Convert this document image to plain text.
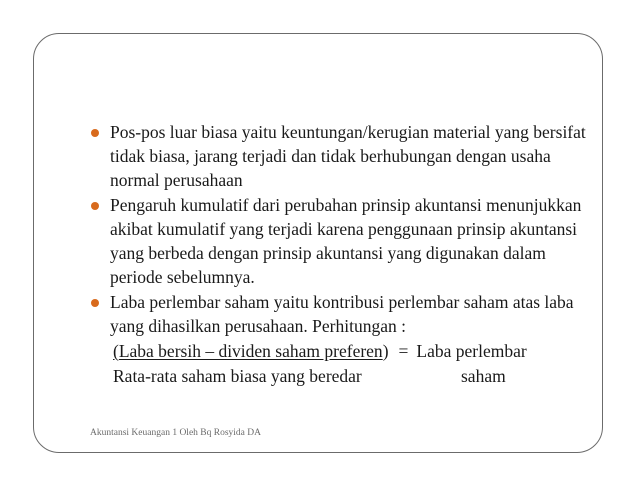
Pos-pos luar biasa yaitu keuntungan/kerugian material yang bersifat tidak biasa, jarang terjadi dan tidak berhubungan dengan usaha normal perusahaan
Pengaruh kumulatif dari perubahan prinsip akuntansi menunjukkan akibat kumulatif yang terjadi karena penggunaan prinsip akuntansi yang berbeda dengan prinsip akuntansi yang digunakan dalam periode sebelumnya.
Laba perlembar saham yaitu kontribusi perlembar saham atas laba yang dihasilkan perusahaan. Perhitungan :
(Laba bersih – dividen saham preferen) = Laba perlembar
Rata-rata saham biasa yang beredar	saham
Akuntansi Keuangan 1 Oleh Bq Rosyida DA
